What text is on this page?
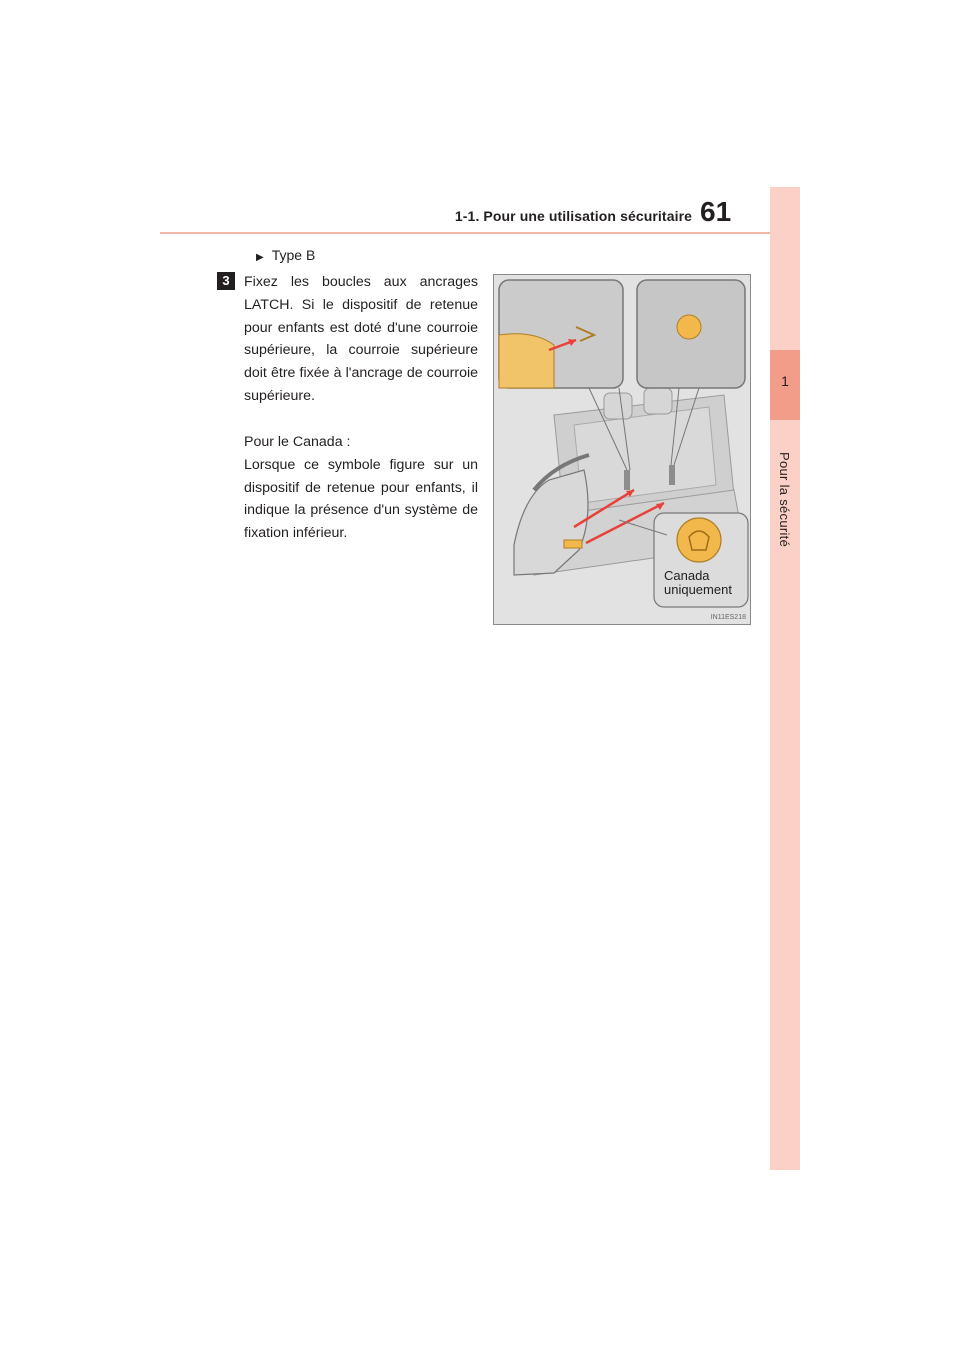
1-1. Pour une utilisation sécuritaire 61
1
Pour la sécurité
▶ Type B
3	Fixez les boucles aux ancrages LATCH. Si le dispositif de retenue pour enfants est doté d'une courroie supérieure, la courroie supérieure doit être fixée à l'ancrage de courroie supérieure.

Pour le Canada :
Lorsque ce symbole figure sur un dispositif de retenue pour enfants, il indique la présence d'un système de fixation inférieur.
Canada
uniquement
IN11ES218
